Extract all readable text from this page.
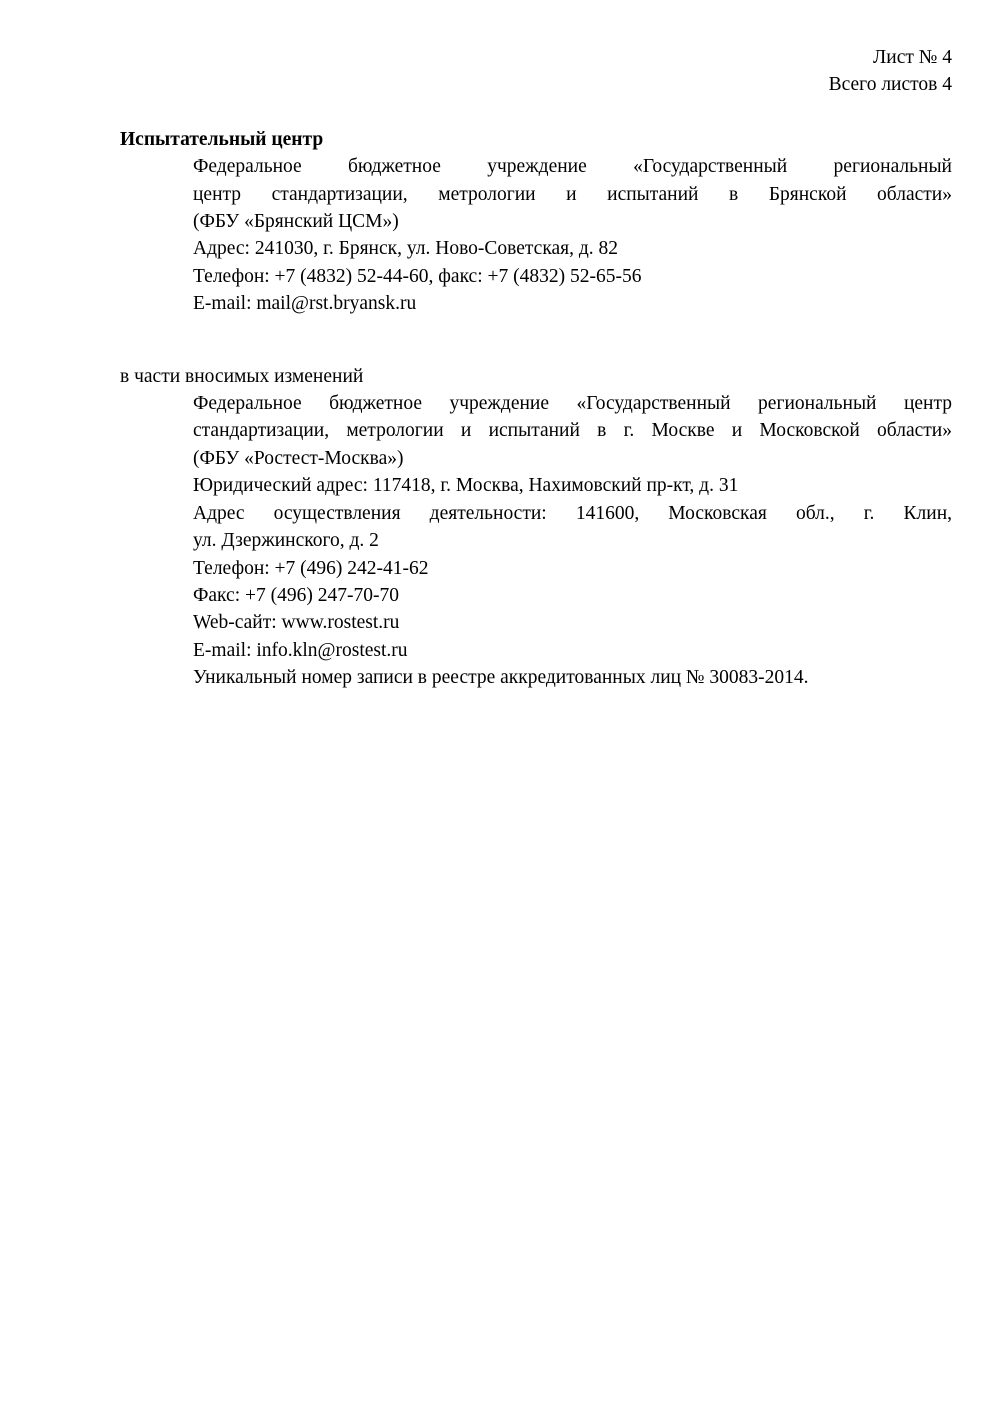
Лист № 4
Всего листов 4
Испытательный центр
Федеральное бюджетное учреждение «Государственный региональный
центр стандартизации, метрологии и испытаний в Брянской области»
(ФБУ «Брянский ЦСМ»)
Адрес: 241030, г. Брянск, ул. Ново-Советская, д. 82
Телефон: +7 (4832) 52-44-60, факс: +7 (4832) 52-65-56
E-mail: mail@rst.bryansk.ru
в части вносимых изменений
Федеральное бюджетное учреждение «Государственный региональный центр
стандартизации, метрологии и испытаний в г. Москве и Московской области»
(ФБУ «Ростест-Москва»)
Юридический адрес: 117418, г. Москва, Нахимовский пр-кт, д. 31
Адрес осуществления деятельности: 141600, Московская обл., г. Клин,
ул. Дзержинского, д. 2
Телефон: +7 (496) 242-41-62
Факс: +7 (496) 247-70-70
Web-сайт: www.rostest.ru
E-mail: info.kln@rostest.ru
Уникальный номер записи в реестре аккредитованных лиц № 30083-2014.
